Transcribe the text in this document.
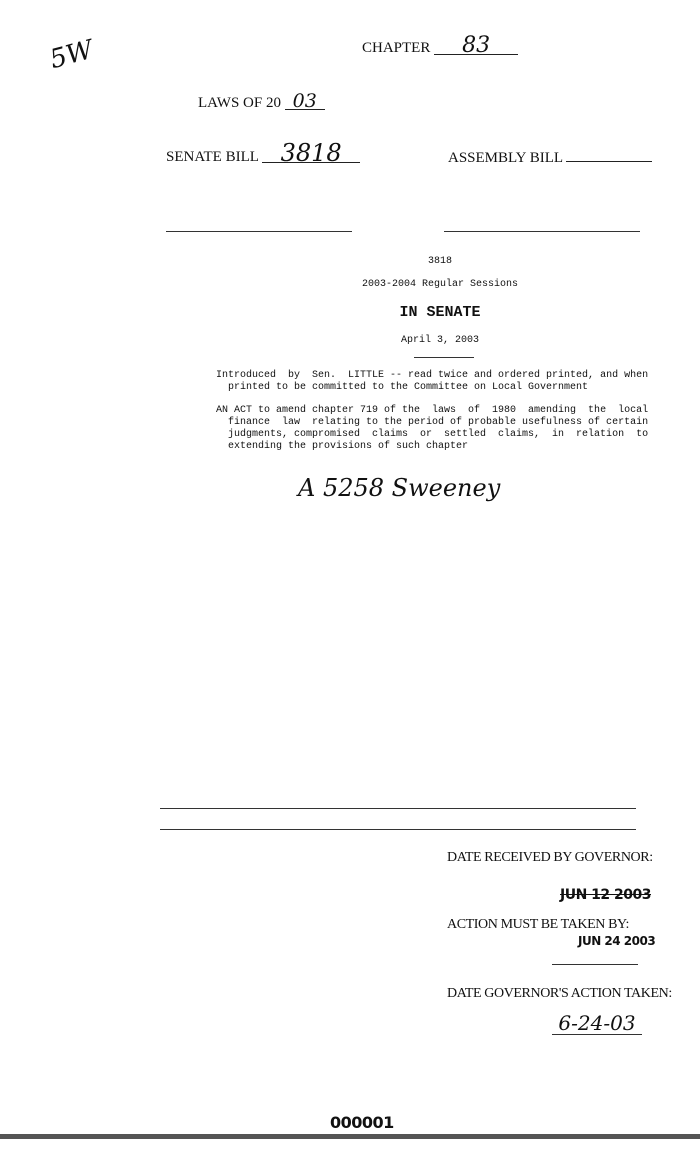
5W	CHAPTER 83
LAWS OF 20 03
SENATE BILL 3818	ASSEMBLY BILL
3818
2003-2004 Regular Sessions
IN SENATE
April 3, 2003
Introduced  by  Sen.  LITTLE -- read twice and ordered printed, and when
printed to be committed to the Committee on Local Government
AN ACT to amend chapter 719 of the  laws  of  1980  amending  the  local
finance  law  relating to the period of probable usefulness of certain
judgments, compromised  claims  or  settled  claims,  in  relation  to
extending the provisions of such chapter
A 5258 Sweeney
DATE RECEIVED BY GOVERNOR:
JUN 12 2003
ACTION MUST BE TAKEN BY:
JUN 24 2003
DATE GOVERNOR'S ACTION TAKEN:
6-24-03
000001
